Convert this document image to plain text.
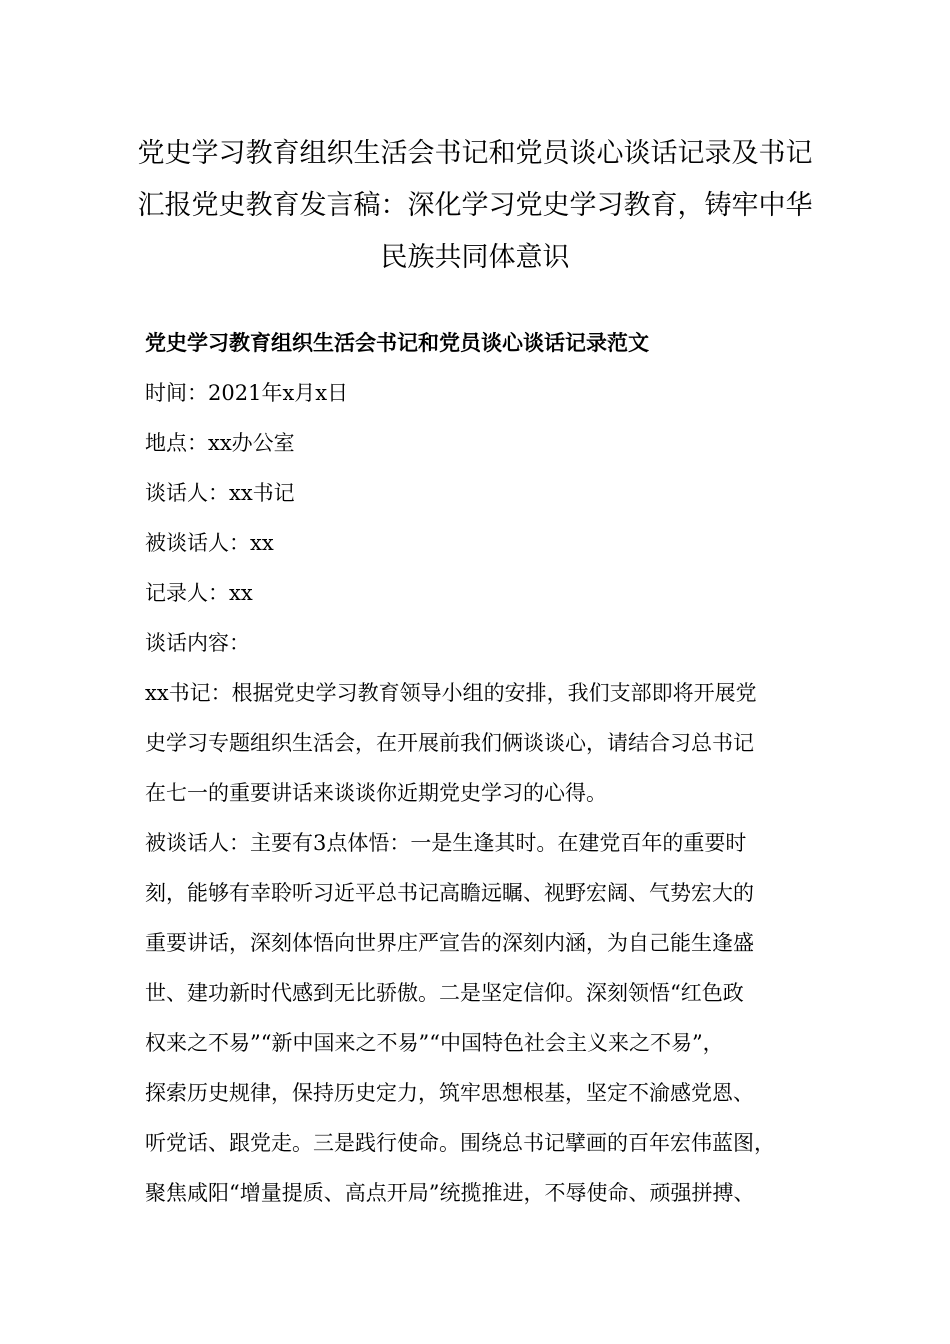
党史学习教育组织生活会书记和党员谈心谈话记录及书记
汇报党史教育发言稿：深化学习党史学习教育，铸牢中华
民族共同体意识
党史学习教育组织生活会书记和党员谈心谈话记录范文
时间：2021年x月x日
地点：xx办公室
谈话人：xx书记
被谈话人：xx
记录人：xx
谈话内容：
xx书记：根据党史学习教育领导小组的安排，我们支部即将开展党
史学习专题组织生活会，在开展前我们俩谈谈心，请结合习总书记
在七一的重要讲话来谈谈你近期党史学习的心得。
被谈话人：主要有3点体悟：一是生逢其时。在建党百年的重要时
刻，能够有幸聆听习近平总书记高瞻远瞩、视野宏阔、气势宏大的
重要讲话，深刻体悟向世界庄严宣告的深刻内涵，为自己能生逢盛
世、建功新时代感到无比骄傲。二是坚定信仰。深刻领悟“红色政
权来之不易”“新中国来之不易”“中国特色社会主义来之不易”，
探索历史规律，保持历史定力，筑牢思想根基，坚定不渝感党恩、
听党话、跟党走。三是践行使命。围绕总书记擘画的百年宏伟蓝图，
聚焦咸阳“增量提质、高点开局”统揽推进，不辱使命、顽强拼搏、
